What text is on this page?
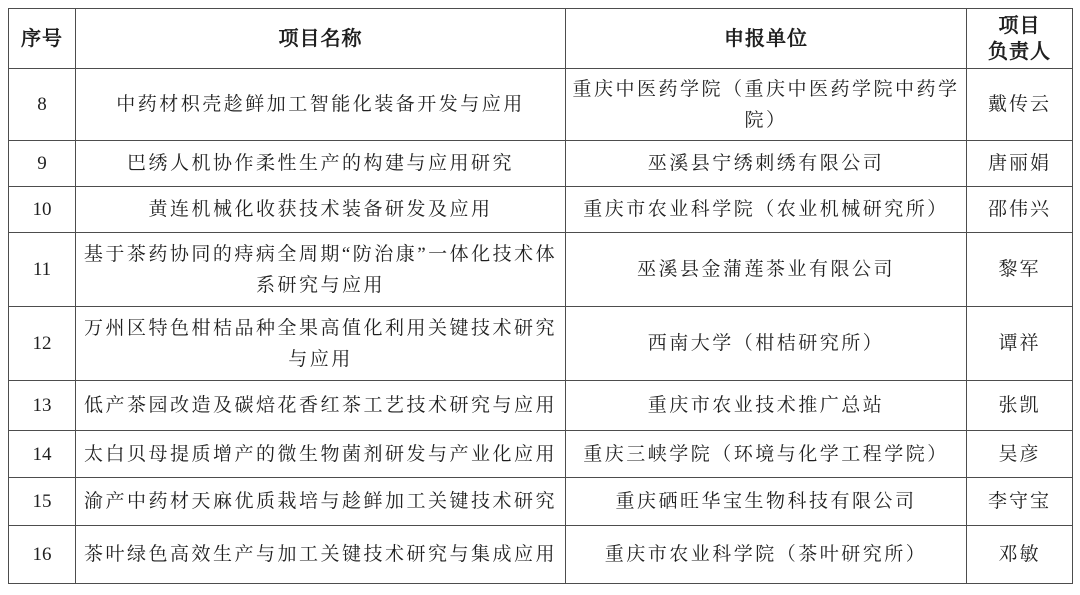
序号	项目名称	申报单位	项目
负责人
8	中药材枳壳趁鲜加工智能化装备开发与应用	重庆中医药学院（重庆中医药学院中药学院）	戴传云
9	巴绣人机协作柔性生产的构建与应用研究	巫溪县宁绣刺绣有限公司	唐丽娟
10	黄连机械化收获技术装备研发及应用	重庆市农业科学院（农业机械研究所）	邵伟兴
11	基于茶药协同的痔病全周期“防治康”一体化技术体系研究与应用	巫溪县金蒲莲茶业有限公司	黎军
12	万州区特色柑桔品种全果高值化利用关键技术研究与应用	西南大学（柑桔研究所）	谭祥
13	低产茶园改造及碳焙花香红茶工艺技术研究与应用	重庆市农业技术推广总站	张凯
14	太白贝母提质增产的微生物菌剂研发与产业化应用	重庆三峡学院（环境与化学工程学院）	吴彦
15	渝产中药材天麻优质栽培与趁鲜加工关键技术研究	重庆硒旺华宝生物科技有限公司	李守宝
16	茶叶绿色高效生产与加工关键技术研究与集成应用	重庆市农业科学院（茶叶研究所）	邓敏
